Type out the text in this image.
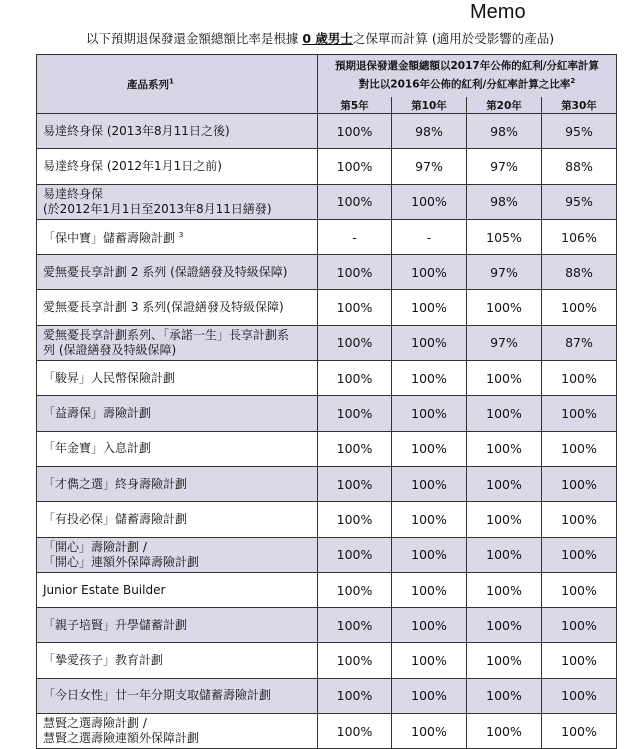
Memo
以下預期退保發還金額總額比率是根據 0 歲男士之保單而計算 (適用於受影響的產品)
產品系列$^1$	預期退保發還金額總額以2017年公佈的紅利/分紅率計算
對比以2016年公佈的紅利/分紅率計算之比率$^2$
	第5年	第10年	第20年	第30年
易達終身保 (2013年8月11日之後)	100%	98%	98%	95%
易達終身保 (2012年1月1日之前)	100%	97%	97%	88%
易達終身保
(於2012年1月1日至2013年8月11日繕發)	100%	100%	98%	95%
「保中寶」儲蓄壽險計劃 $^3$	-	-	105%	106%
愛無憂長享計劃 2 系列 (保證繕發及特級保障)	100%	100%	97%	88%
愛無憂長享計劃 3 系列(保證繕發及特級保障)	100%	100%	100%	100%
愛無憂長享計劃系列、「承諾一生」長享計劃系
列 (保證繕發及特級保障)	100%	100%	97%	87%
「駿昇」人民幣保險計劃	100%	100%	100%	100%
「益壽保」壽險計劃	100%	100%	100%	100%
「年金寶」入息計劃	100%	100%	100%	100%
「才儁之選」終身壽險計劃	100%	100%	100%	100%
「有投必保」儲蓄壽險計劃	100%	100%	100%	100%
「開心」壽險計劃 /
「開心」連額外保障壽險計劃	100%	100%	100%	100%
Junior Estate Builder	100%	100%	100%	100%
「親子培賢」升學儲蓄計劃	100%	100%	100%	100%
「摯愛孩子」教育計劃	100%	100%	100%	100%
「今日女性」廿一年分期支取儲蓄壽險計劃	100%	100%	100%	100%
慧賢之選壽險計劃 /
慧賢之選壽險連額外保障計劃	100%	100%	100%	100%
